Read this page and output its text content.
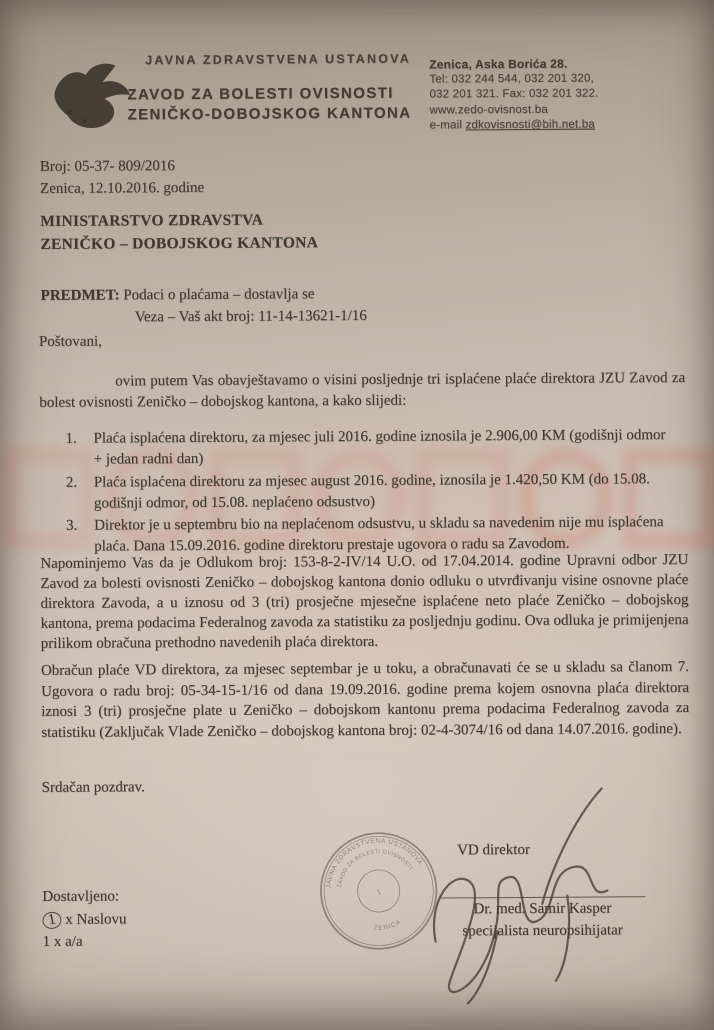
JAVNA ZDRAVSTVENA USTANOVA
ZAVOD ZA BOLESTI OVISNOSTI
ZENIČKO-DOBOJSKOG KANTONA
Zenica, Aska Borića 28.
Tel: 032 244 544, 032 201 320,
032 201 321. Fax: 032 201 322.
www.zedo-ovisnost.ba
e-mail zdkovisnosti@bih.net.ba
Broj: 05-37- 809/2016
Zenica, 12.10.2016. godine
MINISTARSTVO ZDRAVSTVA
ZENIČKO – DOBOJSKOG KANTONA
PREDMET: Podaci o plaćama – dostavlja se
Veza – Vaš akt broj: 11-14-13621-1/16
Poštovani,
ovim putem Vas obavještavamo o visini posljednje tri isplaćene plaće direktora JZU Zavod za bolest ovisnosti Zeničko – dobojskog kantona, a kako slijedi:
1.	Plaća isplaćena direktoru, za mjesec juli 2016. godine iznosila je 2.906,00 KM (godišnji odmor + jedan radni dan)
2.	Plaća isplaćena direktoru za mjesec august 2016. godine, iznosila je 1.420,50 KM (do 15.08. godišnji odmor, od 15.08. neplaćeno odsustvo)
3.	Direktor je u septembru bio na neplaćenom odsustvu, u skladu sa navedenim nije mu isplaćena plaća. Dana 15.09.2016. godine direktoru prestaje ugovora o radu sa Zavodom.
Napominjemo Vas da je Odlukom broj: 153-8-2-IV/14 U.O. od 17.04.2014. godine Upravni odbor JZU Zavod za bolesti ovisnosti Zeničko – dobojskog kantona donio odluku o utvrđivanju visine osnovne plaće direktora Zavoda, a u iznosu od 3 (tri) prosječne mjesečne isplaćene neto plaće Zeničko – dobojskog kantona, prema podacima Federalnog zavoda za statistiku za posljednju godinu. Ova odluka je primijenjena prilikom obračuna prethodno navedenih plaća direktora.
Obračun plaće VD direktora, za mjesec septembar je u toku, a obračunavati će se u skladu sa članom 7. Ugovora o radu broj: 05-34-15-1/16 od dana 19.09.2016. godine prema kojem osnovna plaća direktora iznosi 3 (tri) prosječne plate u Zeničko – dobojskom kantonu prema podacima Federalnog zavoda za statistiku (Zaključak Vlade Zeničko – dobojskog kantona broj: 02-4-3074/16 od dana 14.07.2016. godine).
Srdačan pozdrav.
JAVNA ZDRAVSTVENA USTANOVA
ZAVOD ZA BOLESTI OVISNOSTI
ZENICA
1
VD direktor
Dr. med. Samir Kasper
specijalista neuropsihijatar
Dostavljeno:
1 x Naslovu
1 x a/a
